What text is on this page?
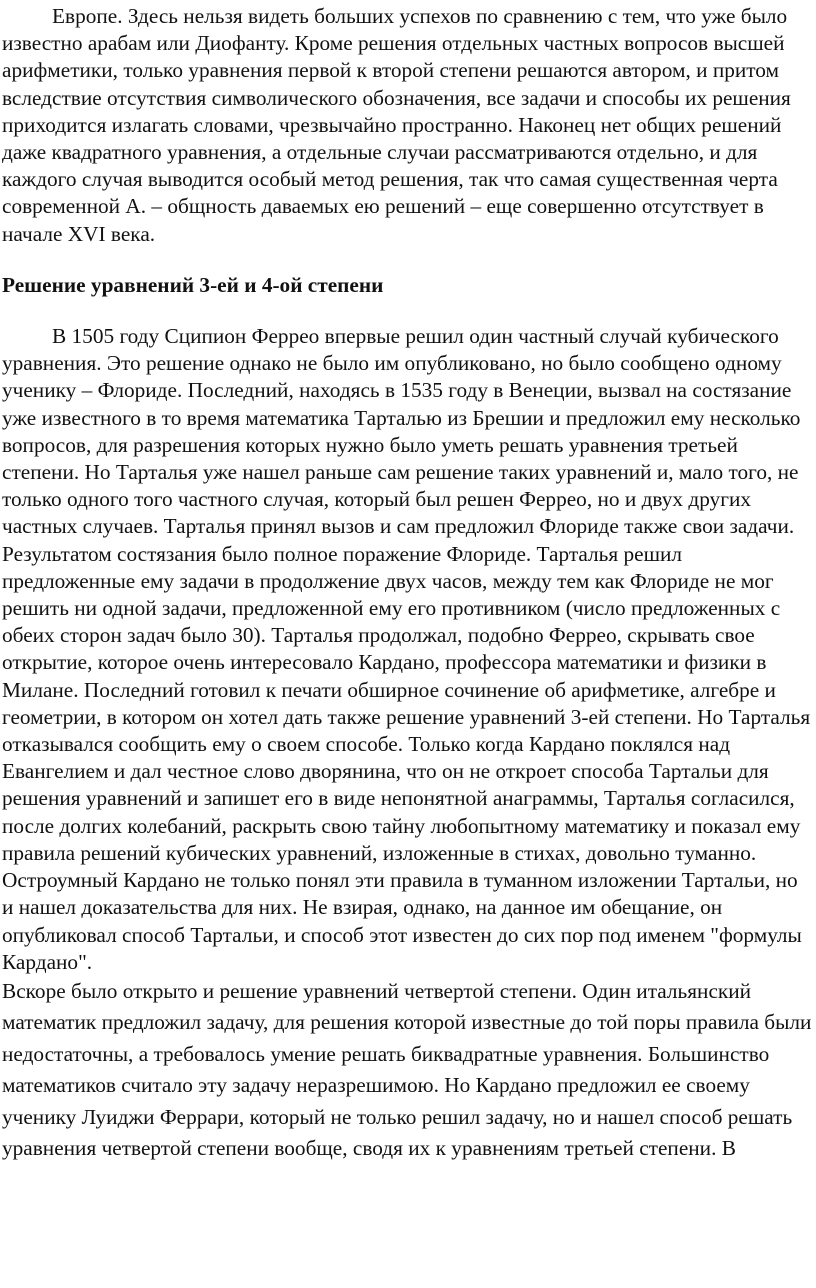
Европе. Здесь нельзя видеть больших успехов по сравнению с тем, что уже было известно арабам или Диофанту. Кроме решения отдельных частных вопросов высшей арифметики, только уравнения первой к второй степени решаются автором, и притом вследствие отсутствия символического обозначения, все задачи и способы их решения приходится излагать словами, чрезвычайно пространно. Наконец нет общих решений даже квадратного уравнения, а отдельные случаи рассматриваются отдельно, и для каждого случая выводится особый метод решения, так что самая существенная черта современной А. – общность даваемых ею решений – еще совершенно отсутствует в начале XVI века.

Решение уравнений 3-ей и 4-ой степени

В 1505 году Сципион Феррео впервые решил один частный случай кубического уравнения. Это решение однако не было им опубликовано, но было сообщено одному ученику – Флориде. Последний, находясь в 1535 году в Венеции, вызвал на состязание уже известного в то время математика Тарталью из Брешии и предложил ему несколько вопросов, для разрешения которых нужно было уметь решать уравнения третьей степени. Но Тарталья уже нашел раньше сам решение таких уравнений и, мало того, не только одного того частного случая, который был решен Феррео, но и двух других частных случаев. Тарталья принял вызов и сам предложил Флориде также свои задачи. Результатом состязания было полное поражение Флориде. Тарталья решил предложенные ему задачи в продолжение двух часов, между тем как Флориде не мог решить ни одной задачи, предложенной ему его противником (число предложенных с обеих сторон задач было 30). Тарталья продолжал, подобно Феррео, скрывать свое открытие, которое очень интересовало Кардано, профессора математики и физики в Милане. Последний готовил к печати обширное сочинение об арифметике, алгебре и геометрии, в котором он хотел дать также решение уравнений 3-ей степени. Но Тарталья отказывался сообщить ему о своем способе. Только когда Кардано поклялся над Евангелием и дал честное слово дворянина, что он не откроет способа Тартальи для решения уравнений и запишет его в виде непонятной анаграммы, Тарталья согласился, после долгих колебаний, раскрыть свою тайну любопытному математику и показал ему правила решений кубических уравнений, изложенные в стихах, довольно туманно. Остроумный Кардано не только понял эти правила в туманном изложении Тартальи, но и нашел доказательства для них. Не взирая, однако, на данное им обещание, он опубликовал способ Тартальи, и способ этот известен до сих пор под именем "формулы Кардано".

Вскоре было открыто и решение уравнений четвертой степени. Один итальянский математик предложил задачу, для решения которой известные до той поры правила были недостаточны, а требовалось умение решать биквадратные уравнения. Большинство математиков считало эту задачу неразрешимою. Но Кардано предложил ее своему ученику Луиджи Феррари, который не только решил задачу, но и нашел способ решать уравнения четвертой степени вообще, сводя их к уравнениям третьей степени. В
